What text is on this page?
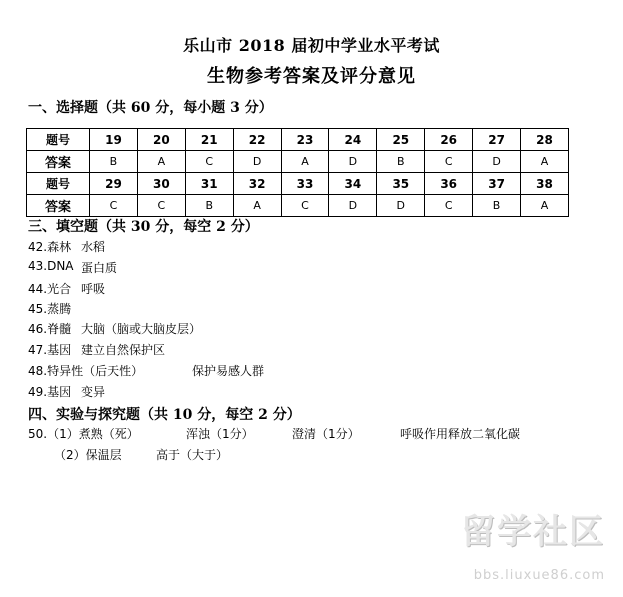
乐山市 2018 届初中学业水平考试
生物参考答案及评分意见
一、选择题（共 60 分，每小题 3 分）
题号	19	20	21	22	23	24	25	26	27	28
答案	B	A	C	D	A	D	B	C	D	A
题号	29	30	31	32	33	34	35	36	37	38
答案	C	C	B	A	C	D	D	C	B	A
三、填空题（共 30 分，每空 2 分）
42.森林 水稻
43.DNA 蛋白质
44.光合 呼吸
45.蒸腾
46.脊髓 大脑（脑或大脑皮层）
47.基因 建立自然保护区
48.特异性（后天性）	保护易感人群
49.基因 变异
四、实验与探究题（共 10 分，每空 2 分）
50.（1）煮熟（死）	浑浊（1分）	澄清（1分）	呼吸作用释放二氧化碳
（2）保温层	高于（大于）
留学社区
bbs.liuxue86.com
